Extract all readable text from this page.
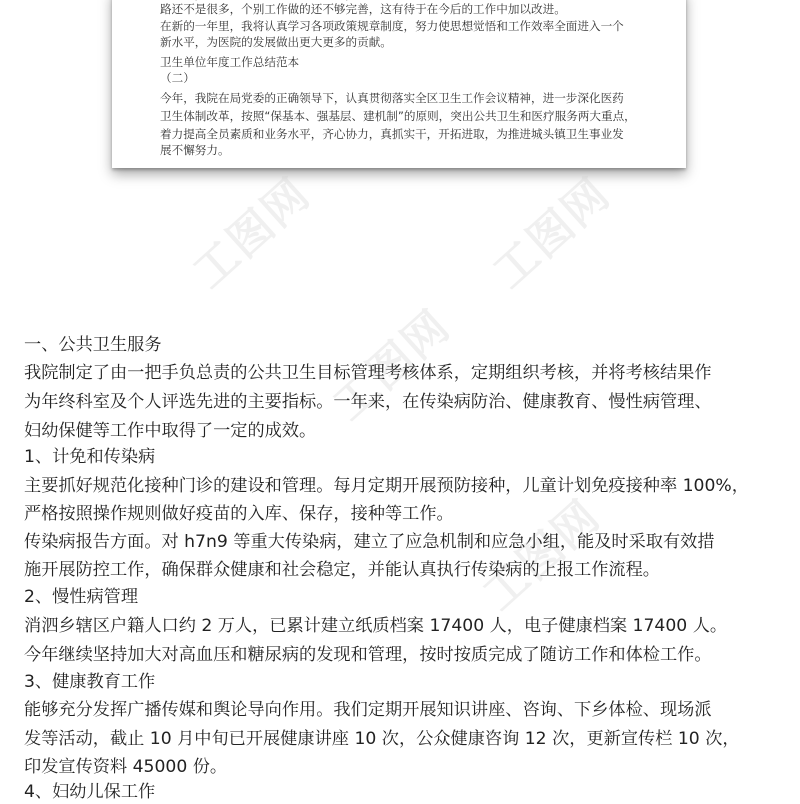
路还不是很多，个别工作做的还不够完善，这有待于在今后的工作中加以改进。

在新的一年里，我将认真学习各项政策规章制度，努力使思想觉悟和工作效率全面进入一个

新水平，为医院的发展做出更大更多的贡献。

卫生单位年度工作总结范本

（二）

今年，我院在局党委的正确领导下，认真贯彻落实全区卫生工作会议精神，进一步深化医药

卫生体制改革，按照“保基本、强基层、建机制”的原则，突出公共卫生和医疗服务两大重点，

着力提高全员素质和业务水平，齐心协力，真抓实干，开拓进取，为推进城头镇卫生事业发

展不懈努力。

工图网	工图网
工图网
工图网

一、公共卫生服务

我院制定了由一把手负总责的公共卫生目标管理考核体系，定期组织考核，并将考核结果作

为年终科室及个人评选先进的主要指标。一年来，在传染病防治、健康教育、慢性病管理、

妇幼保健等工作中取得了一定的成效。

1、计免和传染病

主要抓好规范化接种门诊的建设和管理。每月定期开展预防接种，儿童计划免疫接种率 100%，

严格按照操作规则做好疫苗的入库、保存，接种等工作。

传染病报告方面。对 h7n9 等重大传染病，建立了应急机制和应急小组，能及时采取有效措

施开展防控工作，确保群众健康和社会稳定，并能认真执行传染病的上报工作流程。

2、慢性病管理

消泗乡辖区户籍人口约 2 万人，已累计建立纸质档案 17400 人，电子健康档案 17400 人。

今年继续坚持加大对高血压和糖尿病的发现和管理，按时按质完成了随访工作和体检工作。

3、健康教育工作

能够充分发挥广播传媒和舆论导向作用。我们定期开展知识讲座、咨询、下乡体检、现场派

发等活动，截止 10 月中旬已开展健康讲座 10 次，公众健康咨询 12 次，更新宣传栏 10 次，

印发宣传资料 45000 份。

4、妇幼儿保工作
